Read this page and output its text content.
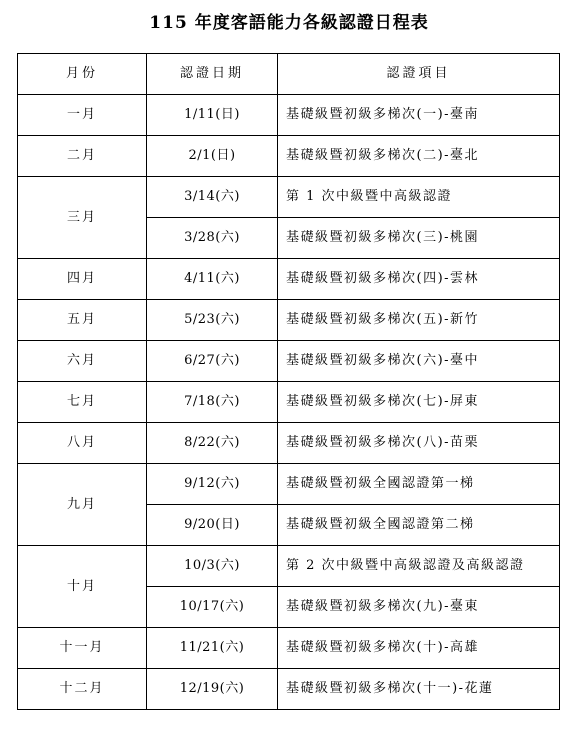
115 年度客語能力各級認證日程表
月份	認證日期	認證項目
一月	1/11(日)	基礎級暨初級多梯次(一)-臺南
二月	2/1(日)	基礎級暨初級多梯次(二)-臺北
三月	3/14(六)	第 1 次中級暨中高級認證
	3/28(六)	基礎級暨初級多梯次(三)-桃園
四月	4/11(六)	基礎級暨初級多梯次(四)-雲林
五月	5/23(六)	基礎級暨初級多梯次(五)-新竹
六月	6/27(六)	基礎級暨初級多梯次(六)-臺中
七月	7/18(六)	基礎級暨初級多梯次(七)-屏東
八月	8/22(六)	基礎級暨初級多梯次(八)-苗栗
九月	9/12(六)	基礎級暨初級全國認證第一梯
	9/20(日)	基礎級暨初級全國認證第二梯
十月	10/3(六)	第 2 次中級暨中高級認證及高級認證
	10/17(六)	基礎級暨初級多梯次(九)-臺東
十一月	11/21(六)	基礎級暨初級多梯次(十)-高雄
十二月	12/19(六)	基礎級暨初級多梯次(十一)-花蓮
